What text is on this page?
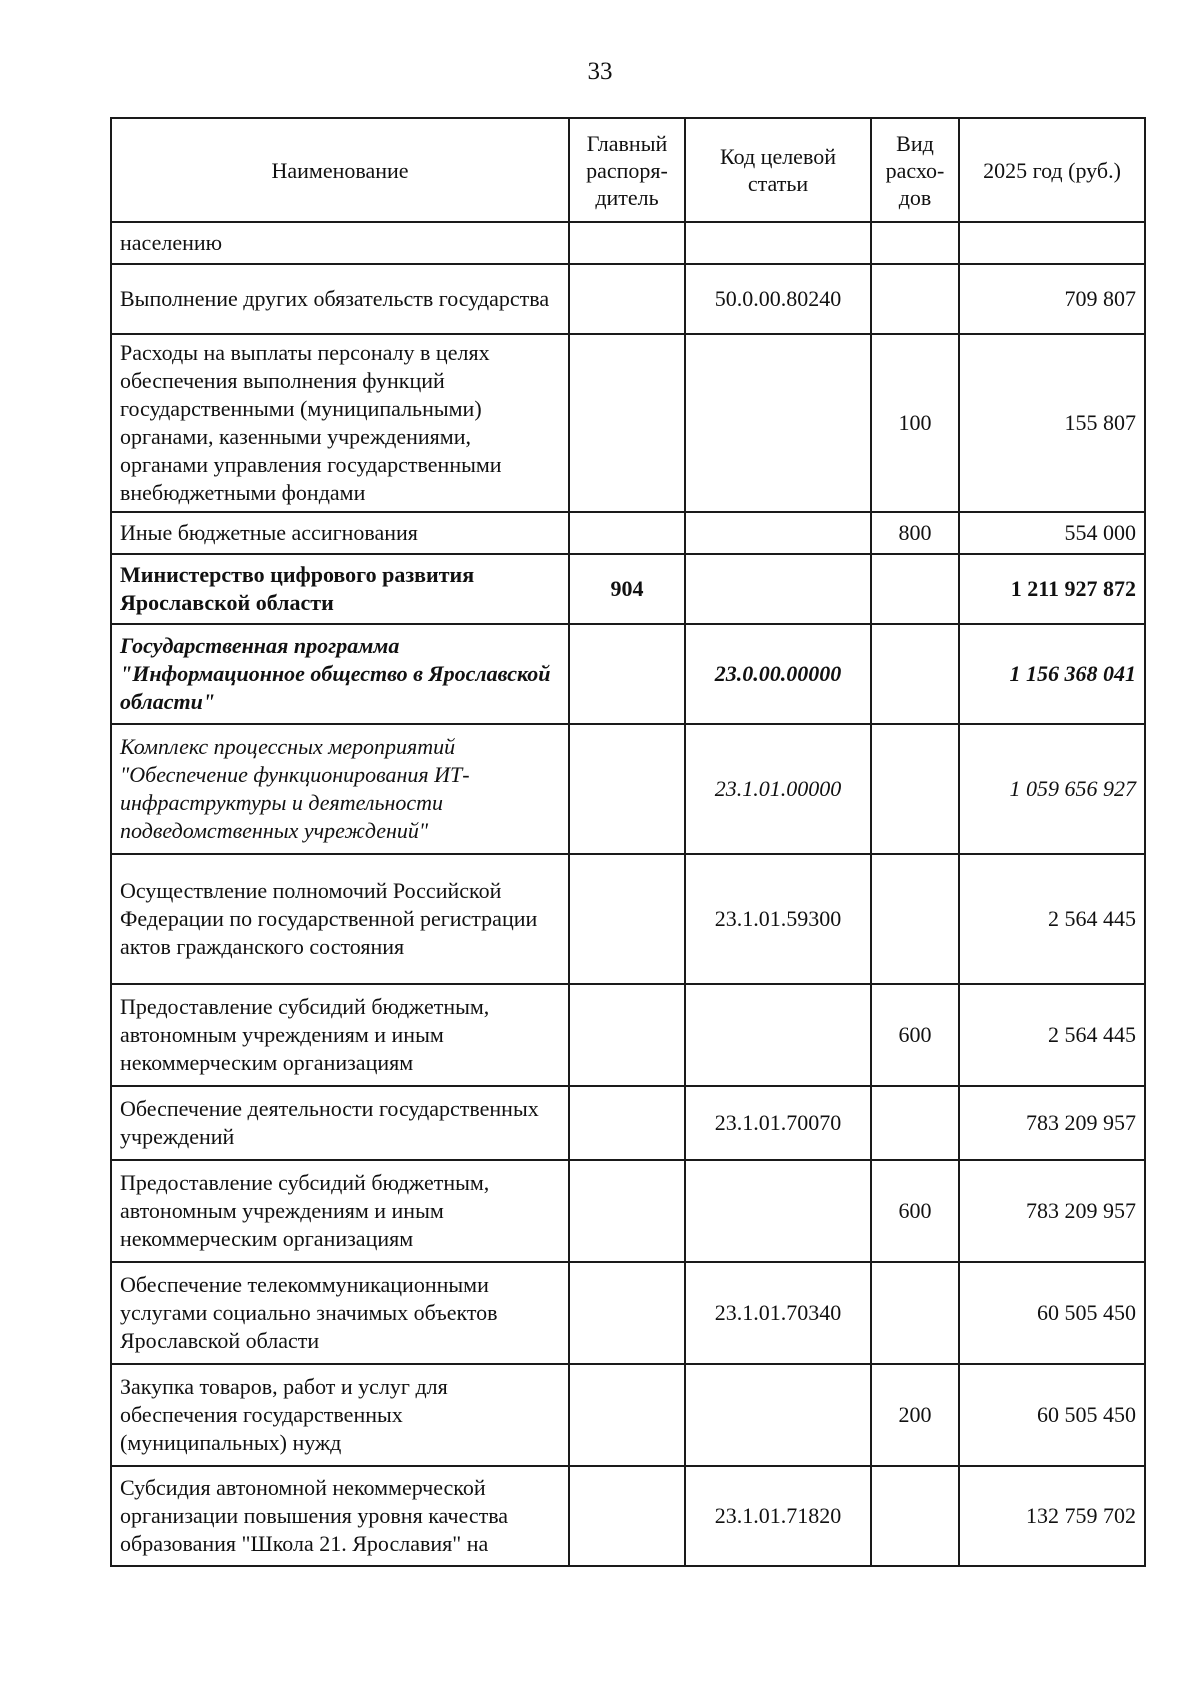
33
Наименование	Главный распоря-дитель	Код целевой статьи	Вид расхо-дов	2025 год (руб.)
населению				
Выполнение других обязательств государства		50.0.00.80240		709 807
Расходы на выплаты персоналу в целях обеспечения выполнения функций государственными (муниципальными) органами, казенными учреждениями, органами управления государственными внебюджетными фондами			100	155 807
Иные бюджетные ассигнования			800	554 000
Министерство цифрового развития Ярославской области	904			1 211 927 872
Государственная программа "Информационное общество в Ярославской области"		23.0.00.00000		1 156 368 041
Комплекс процессных мероприятий "Обеспечение функционирования ИТ-инфраструктуры и деятельности подведомственных учреждений"		23.1.01.00000		1 059 656 927
Осуществление полномочий Российской Федерации по государственной регистрации актов гражданского состояния		23.1.01.59300		2 564 445
Предоставление субсидий бюджетным, автономным учреждениям и иным некоммерческим организациям			600	2 564 445
Обеспечение деятельности государственных учреждений		23.1.01.70070		783 209 957
Предоставление субсидий бюджетным, автономным учреждениям и иным некоммерческим организациям			600	783 209 957
Обеспечение телекоммуникационными услугами социально значимых объектов Ярославской области		23.1.01.70340		60 505 450
Закупка товаров, работ и услуг для обеспечения государственных (муниципальных) нужд			200	60 505 450
Субсидия автономной некоммерческой организации повышения уровня качества образования "Школа 21. Ярославия" на		23.1.01.71820		132 759 702
